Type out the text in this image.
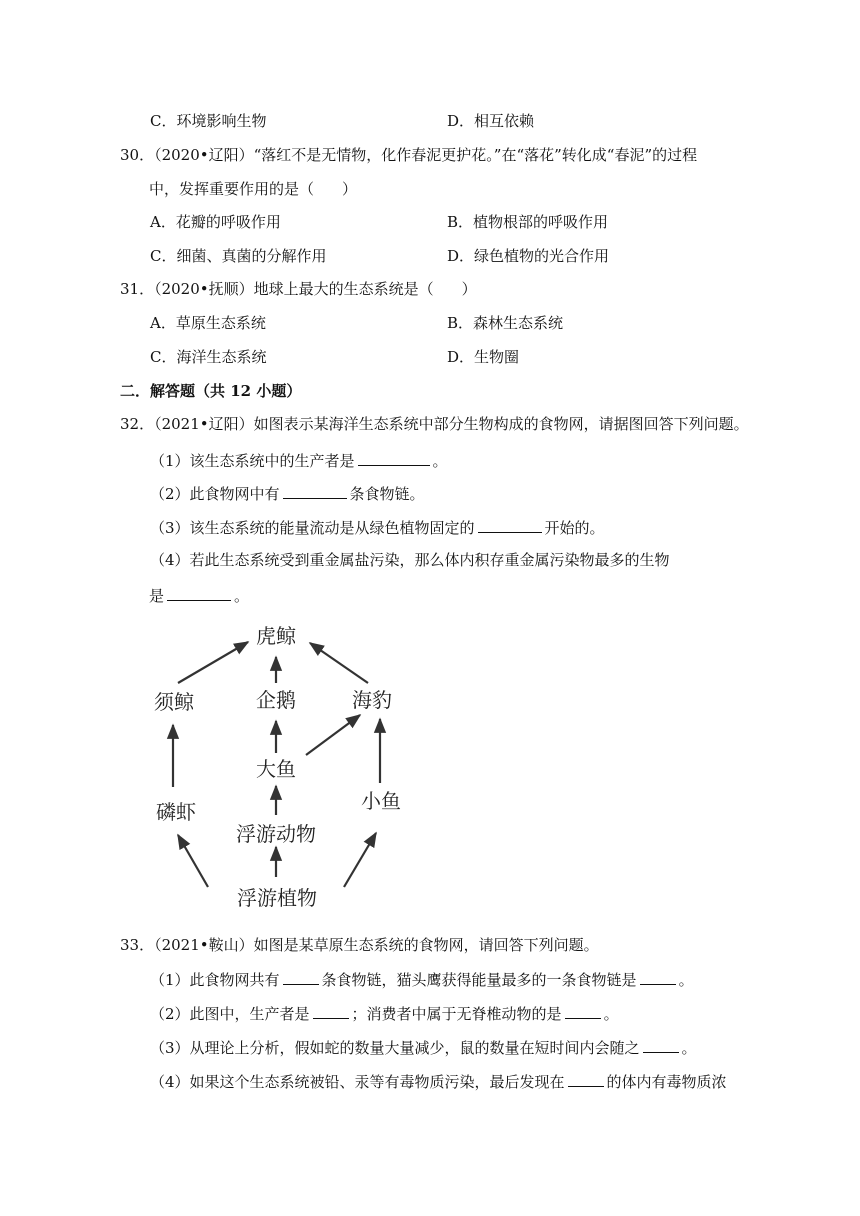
C．环境影响生物	D．相互依赖
30．（2020•辽阳）“落红不是无情物，化作春泥更护花。”在“落花”转化成“春泥”的过程
中，发挥重要作用的是（ ）
A．花瓣的呼吸作用	B．植物根部的呼吸作用
C．细菌、真菌的分解作用	D．绿色植物的光合作用
31．（2020•抚顺）地球上最大的生态系统是（ ）
A．草原生态系统	B．森林生态系统
C．海洋生态系统	D．生物圈
二．解答题（共 12 小题）
32．（2021•辽阳）如图表示某海洋生态系统中部分生物构成的食物网，请据图回答下列问题。
（1）该生态系统中的生产者是	。
（2）此食物网中有	条食物链。
（3）该生态系统的能量流动是从绿色植物固定的	开始的。
（4）若此生态系统受到重金属盐污染，那么体内积存重金属污染物最多的生物
是	。
虎鲸
须鲸	企鹅	海豹
大鱼
磷虾
浮游动物
小鱼
浮游植物
33．（2021•鞍山）如图是某草原生态系统的食物网，请回答下列问题。
（1）此食物网共有	条食物链，猫头鹰获得能量最多的一条食物链是	。
（2）此图中，生产者是	；消费者中属于无脊椎动物的是	。
（3）从理论上分析，假如蛇的数量大量减少，鼠的数量在短时间内会随之	。
（4）如果这个生态系统被铅、汞等有毒物质污染，最后发现在	的体内有毒物质浓
